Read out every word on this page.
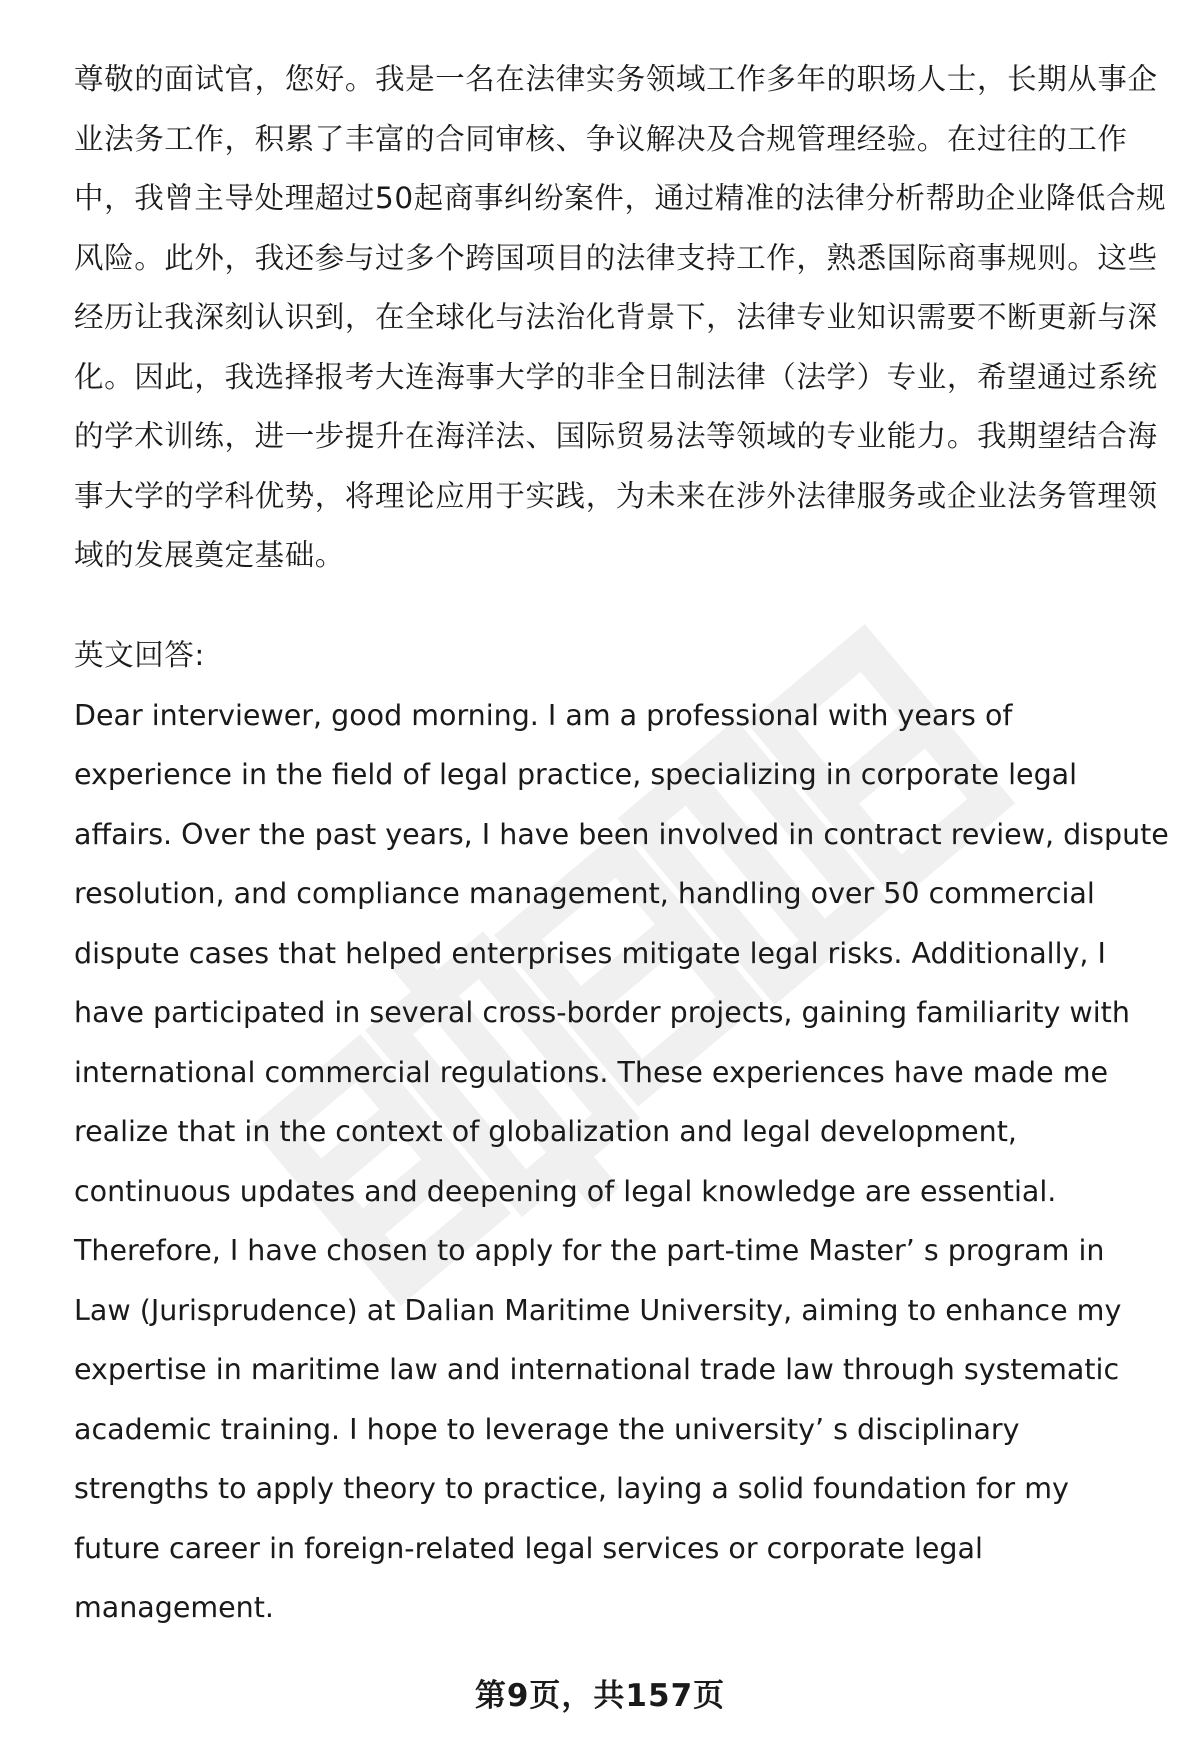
尊敬的面试官，您好。我是一名在法律实务领域工作多年的职场人士，长期从事企
业法务工作，积累了丰富的合同审核、争议解决及合规管理经验。在过往的工作
中，我曾主导处理超过50起商事纠纷案件，通过精准的法律分析帮助企业降低合规
风险。此外，我还参与过多个跨国项目的法律支持工作，熟悉国际商事规则。这些
经历让我深刻认识到，在全球化与法治化背景下，法律专业知识需要不断更新与深
化。因此，我选择报考大连海事大学的非全日制法律（法学）专业，希望通过系统
的学术训练，进一步提升在海洋法、国际贸易法等领域的专业能力。我期望结合海
事大学的学科优势，将理论应用于实践，为未来在涉外法律服务或企业法务管理领
域的发展奠定基础。
英文回答:
Dear interviewer, good morning. I am a professional with years of
experience in the field of legal practice, specializing in corporate legal
affairs. Over the past years, I have been involved in contract review, dispute
resolution, and compliance management, handling over 50 commercial
dispute cases that helped enterprises mitigate legal risks. Additionally, I
have participated in several cross-border projects, gaining familiarity with
international commercial regulations. These experiences have made me
realize that in the context of globalization and legal development,
continuous updates and deepening of legal knowledge are essential.
Therefore, I have chosen to apply for the part-time Master’ s program in
Law (Jurisprudence) at Dalian Maritime University, aiming to enhance my
expertise in maritime law and international trade law through systematic
academic training. I hope to leverage the university’ s disciplinary
strengths to apply theory to practice, laying a solid foundation for my
future career in foreign-related legal services or corporate legal
management.
第9页，共157页
